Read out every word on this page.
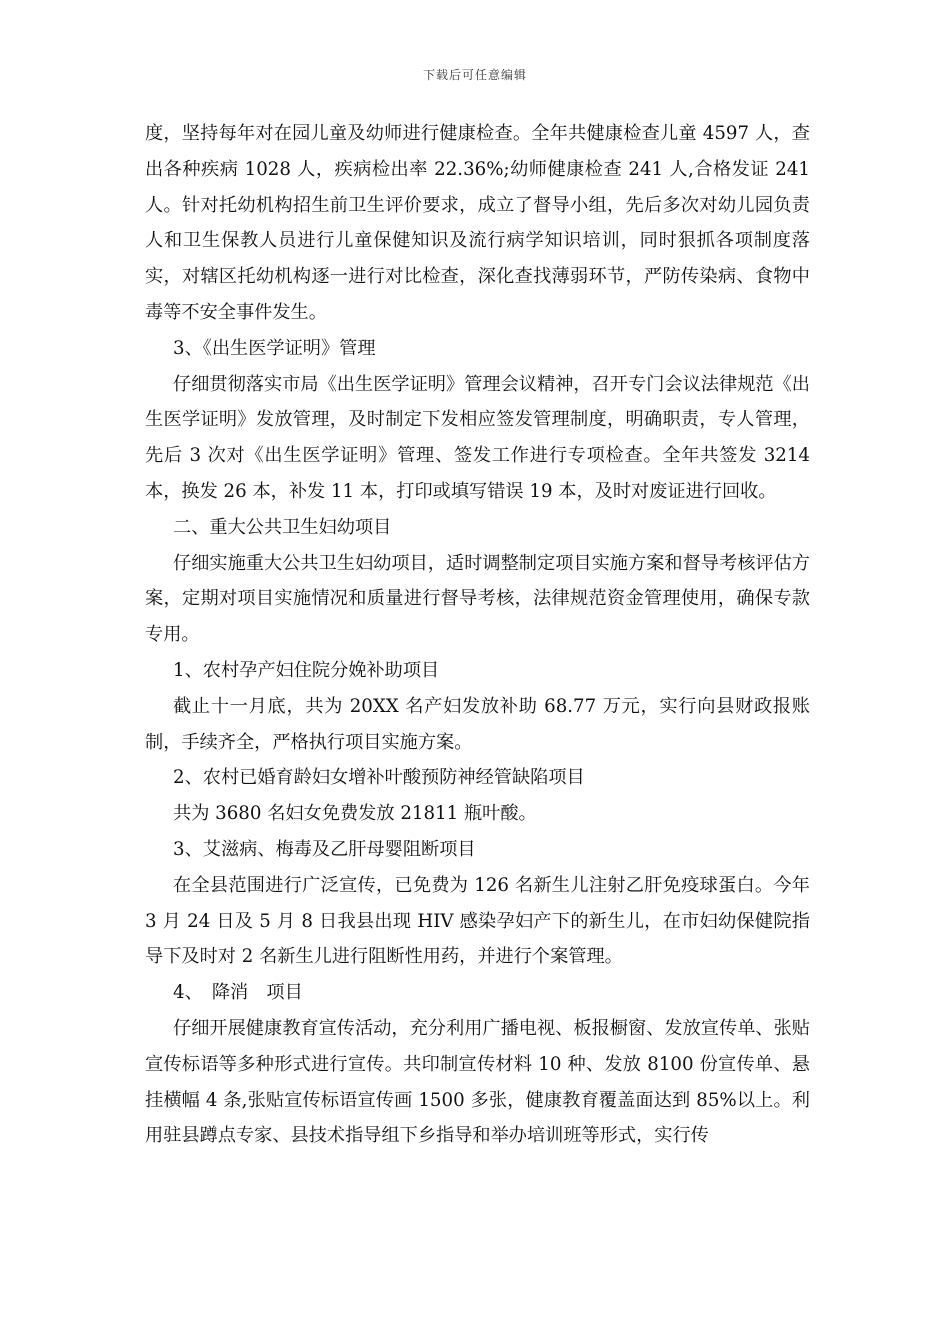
下载后可任意编辑

度，坚持每年对在园儿童及幼师进行健康检查。全年共健康检查儿童 4597 人，查出各种疾病 1028 人，疾病检出率 22.36%;幼师健康检查 241 人,合格发证 241 人。针对托幼机构招生前卫生评价要求，成立了督导小组，先后多次对幼儿园负责人和卫生保教人员进行儿童保健知识及流行病学知识培训，同时狠抓各项制度落实，对辖区托幼机构逐一进行对比检查，深化查找薄弱环节，严防传染病、食物中毒等不安全事件发生。

3、《出生医学证明》管理

仔细贯彻落实市局《出生医学证明》管理会议精神，召开专门会议法律规范《出生医学证明》发放管理，及时制定下发相应签发管理制度，明确职责，专人管理，先后 3 次对《出生医学证明》管理、签发工作进行专项检查。全年共签发 3214 本，换发 26 本，补发 11 本，打印或填写错误 19 本，及时对废证进行回收。

二、重大公共卫生妇幼项目

仔细实施重大公共卫生妇幼项目，适时调整制定项目实施方案和督导考核评估方案，定期对项目实施情况和质量进行督导考核，法律规范资金管理使用，确保专款专用。

1、农村孕产妇住院分娩补助项目

截止十一月底，共为 20XX 名产妇发放补助 68.77 万元，实行向县财政报账制，手续齐全，严格执行项目实施方案。

2、农村已婚育龄妇女增补叶酸预防神经管缺陷项目

共为 3680 名妇女免费发放 21811 瓶叶酸。

3、艾滋病、梅毒及乙肝母婴阻断项目

在全县范围进行广泛宣传，已免费为 126 名新生儿注射乙肝免疫球蛋白。今年 3 月 24 日及 5 月 8 日我县出现 HIV 感染孕妇产下的新生儿，在市妇幼保健院指导下及时对 2 名新生儿进行阻断性用药，并进行个案管理。

4、　降消　项目

仔细开展健康教育宣传活动，充分利用广播电视、板报橱窗、发放宣传单、张贴宣传标语等多种形式进行宣传。共印制宣传材料 10 种、发放 8100 份宣传单、悬挂横幅 4 条,张贴宣传标语宣传画 1500 多张，健康教育覆盖面达到 85%以上。利用驻县蹲点专家、县技术指导组下乡指导和举办培训班等形式，实行传
